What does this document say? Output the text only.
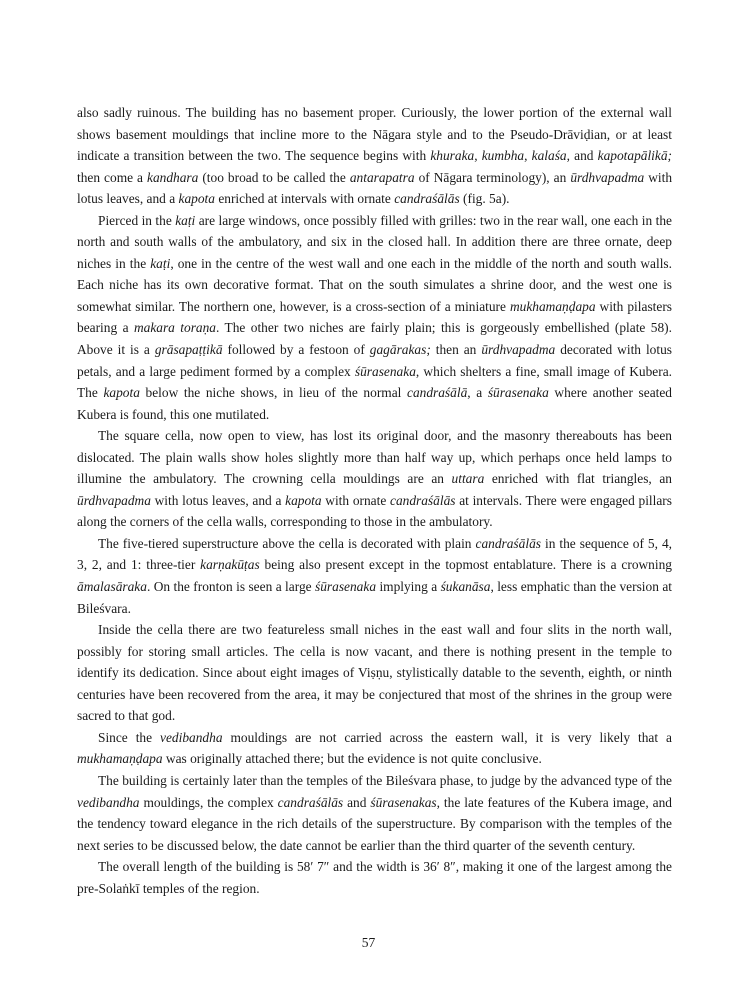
also sadly ruinous. The building has no basement proper. Curiously, the lower portion of the external wall shows basement mouldings that incline more to the Nāgara style and to the Pseudo-Drāviḍian, or at least indicate a transition between the two. The sequence begins with khuraka, kumbha, kalaśa, and kapotapālikā; then come a kandhara (too broad to be called the antarapatra of Nāgara terminology), an ūrdhvapadma with lotus leaves, and a kapota enriched at intervals with ornate candraśālās (fig. 5a).

Pierced in the kaṭi are large windows, once possibly filled with grilles: two in the rear wall, one each in the north and south walls of the ambulatory, and six in the closed hall. In addition there are three ornate, deep niches in the kaṭi, one in the centre of the west wall and one each in the middle of the north and south walls. Each niche has its own decorative format. That on the south simulates a shrine door, and the west one is somewhat similar. The northern one, however, is a cross-section of a miniature mukhamaṇḍapa with pilasters bearing a makara toraṇa. The other two niches are fairly plain; this is gorgeously embellished (plate 58). Above it is a grāsapaṭṭikā followed by a festoon of gagārakas; then an ūrdhvapadma decorated with lotus petals, and a large pediment formed by a complex śūrasenaka, which shelters a fine, small image of Kubera. The kapota below the niche shows, in lieu of the normal candraśālā, a śūrasenaka where another seated Kubera is found, this one mutilated.

The square cella, now open to view, has lost its original door, and the masonry thereabouts has been dislocated. The plain walls show holes slightly more than half way up, which perhaps once held lamps to illumine the ambulatory. The crowning cella mouldings are an uttara enriched with flat triangles, an ūrdhvapadma with lotus leaves, and a kapota with ornate candraśālās at intervals. There were engaged pillars along the corners of the cella walls, corresponding to those in the ambulatory.

The five-tiered superstructure above the cella is decorated with plain candraśālās in the sequence of 5, 4, 3, 2, and 1: three-tier karṇakūṭas being also present except in the topmost entablature. There is a crowning āmalasāraka. On the fronton is seen a large śūrasenaka implying a śukanāsa, less emphatic than the version at Bileśvara.

Inside the cella there are two featureless small niches in the east wall and four slits in the north wall, possibly for storing small articles. The cella is now vacant, and there is nothing present in the temple to identify its dedication. Since about eight images of Viṣṇu, stylistically datable to the seventh, eighth, or ninth centuries have been recovered from the area, it may be conjectured that most of the shrines in the group were sacred to that god.

Since the vedibandha mouldings are not carried across the eastern wall, it is very likely that a mukhamaṇḍapa was originally attached there; but the evidence is not quite conclusive.

The building is certainly later than the temples of the Bileśvara phase, to judge by the advanced type of the vedibandha mouldings, the complex candraśālās and śūrasenakas, the late features of the Kubera image, and the tendency toward elegance in the rich details of the superstructure. By comparison with the temples of the next series to be discussed below, the date cannot be earlier than the third quarter of the seventh century.

The overall length of the building is 58′ 7″ and the width is 36′ 8″, making it one of the largest among the pre-Solaṅkī temples of the region.

57
